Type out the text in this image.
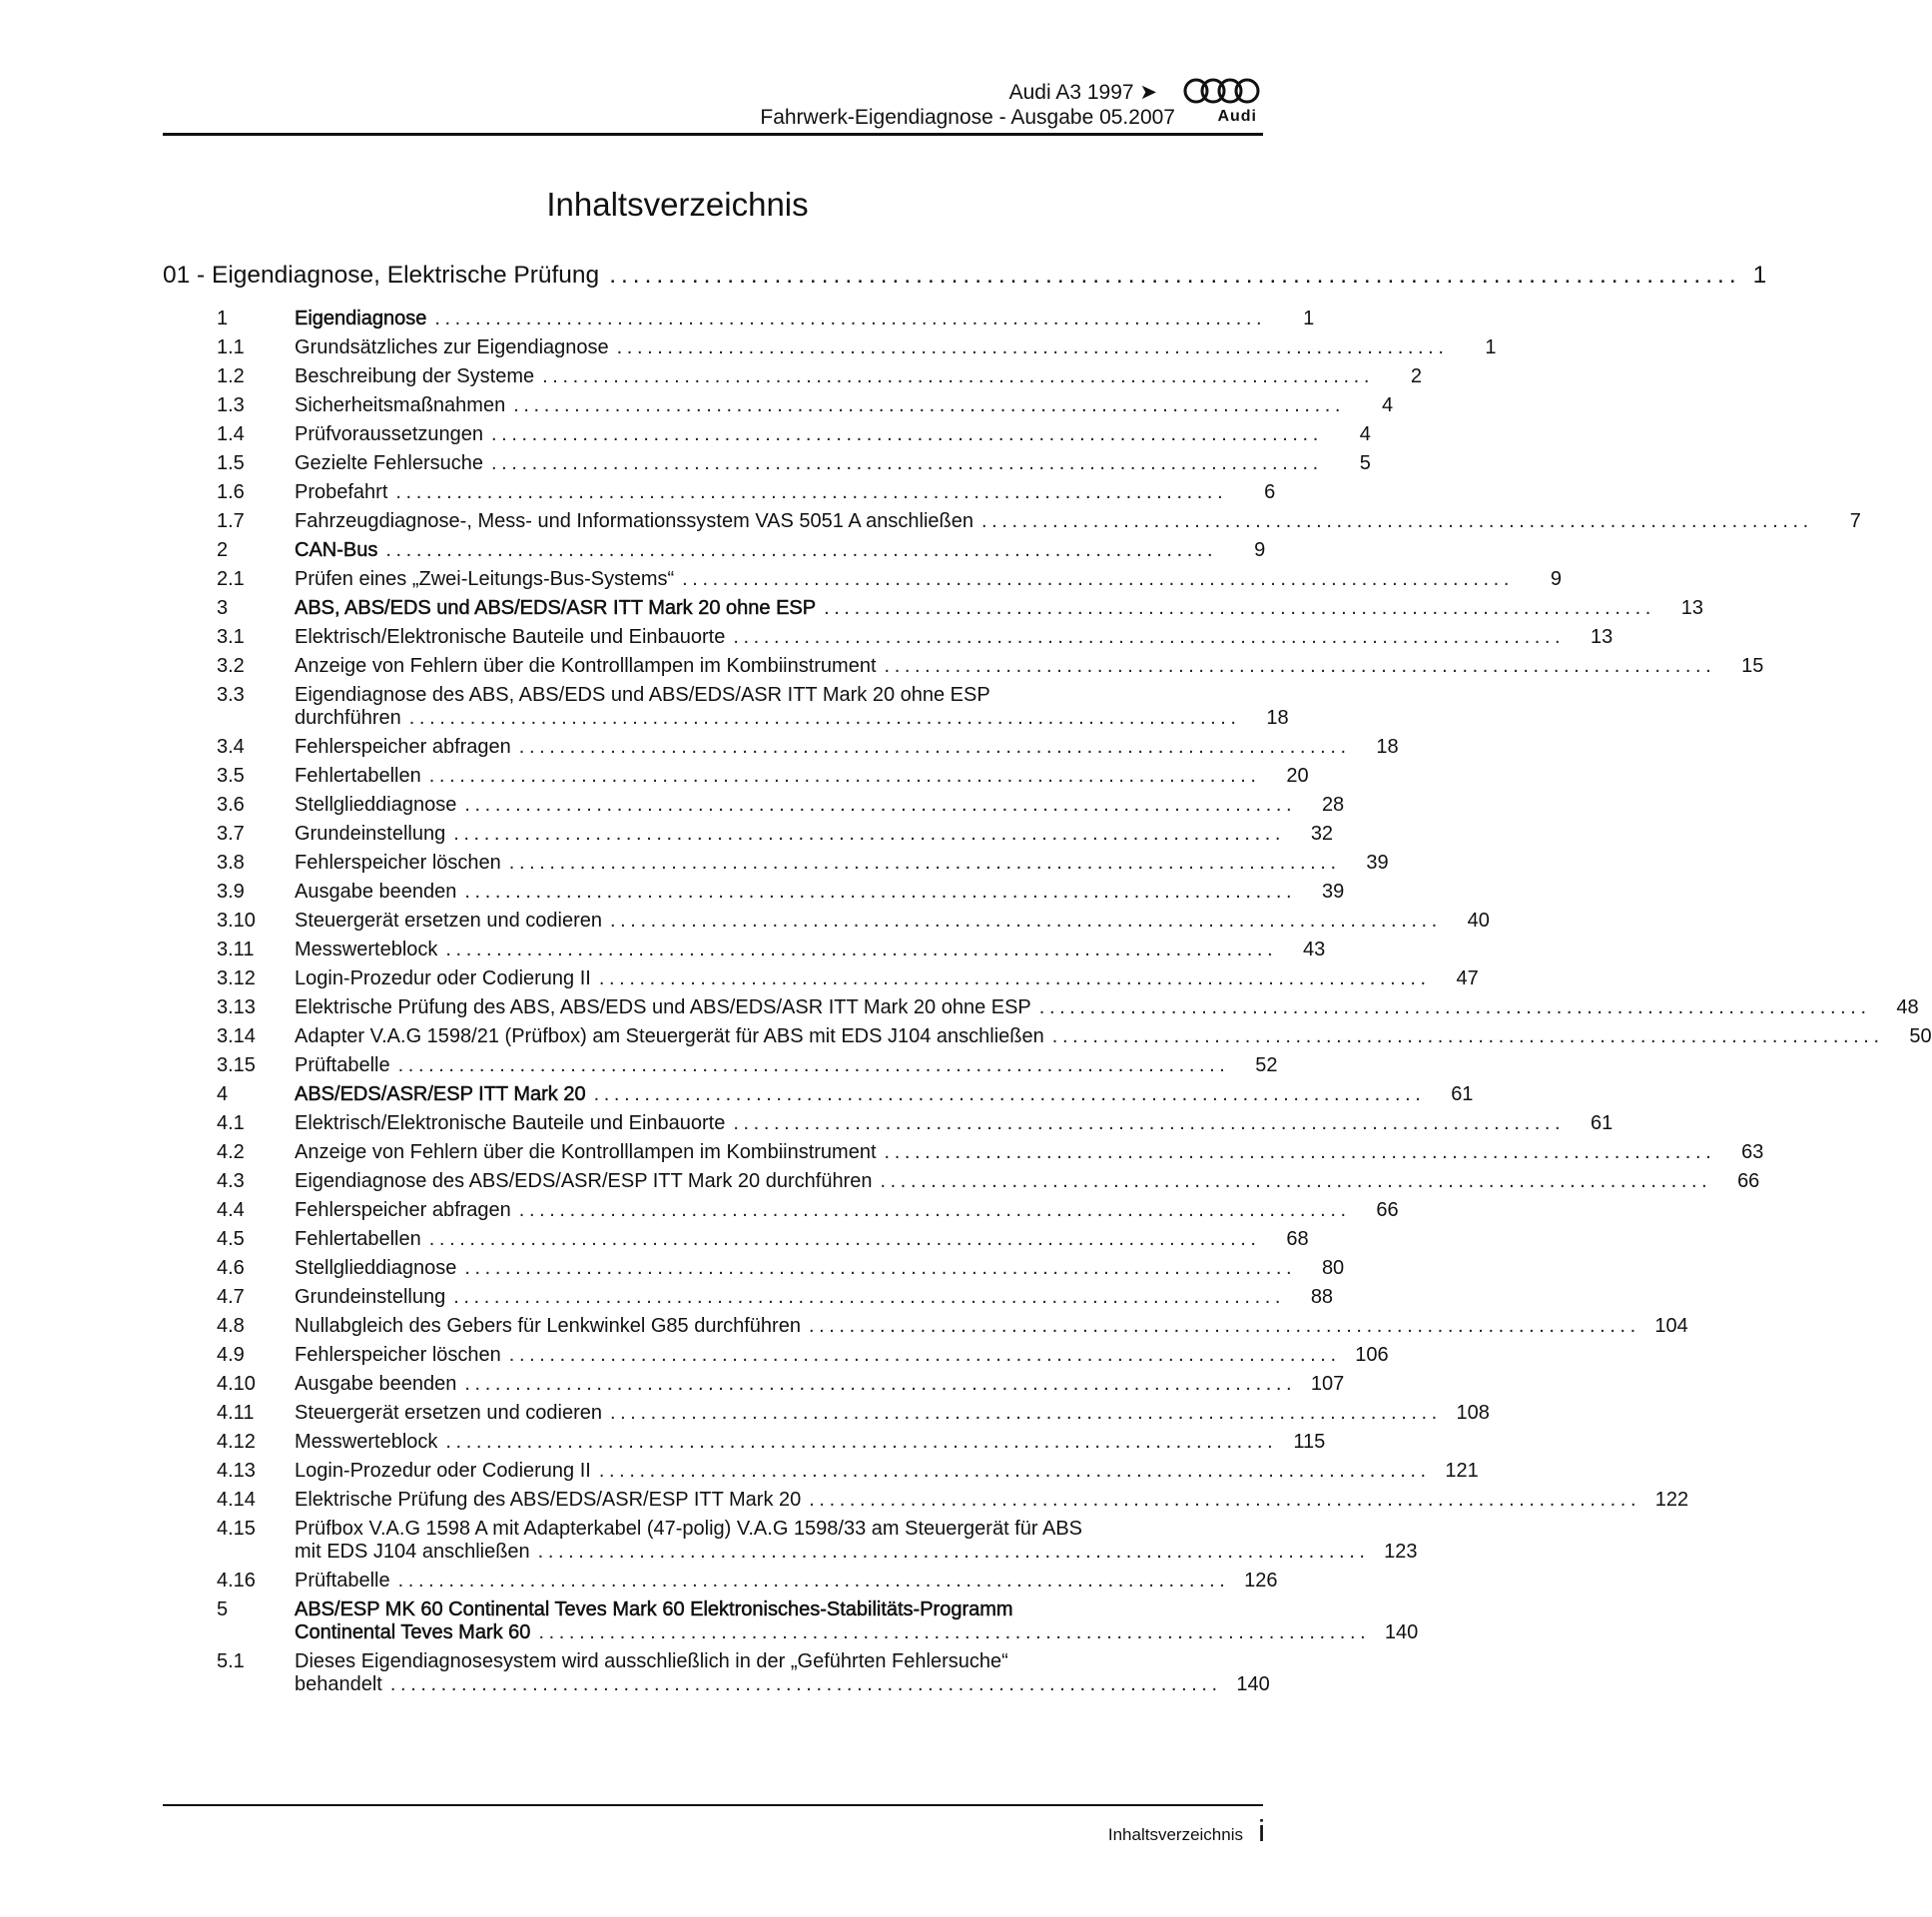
Audi A3 1997 ➤
Fahrwerk-Eigendiagnose - Ausgabe 05.2007	Audi
Inhaltsverzeichnis
01 - Eigendiagnose, Elektrische Prüfung ................................................................................................ 1
1	Eigendiagnose ..................................................................................	1
1.1	Grundsätzliches zur Eigendiagnose ..................................................................................	1
1.2	Beschreibung der Systeme ..................................................................................	2
1.3	Sicherheitsmaßnahmen ..................................................................................	4
1.4	Prüfvoraussetzungen ..................................................................................	4
1.5	Gezielte Fehlersuche ..................................................................................	5
1.6	Probefahrt ..................................................................................	6
1.7	Fahrzeugdiagnose-, Mess- und Informationssystem VAS 5051 A anschließen ..................................................................................	7
2	CAN-Bus ..................................................................................	9
2.1	Prüfen eines „Zwei-Leitungs-Bus-Systems“ ..................................................................................	9
3	ABS, ABS/EDS und ABS/EDS/ASR ITT Mark 20 ohne ESP ..................................................................................	13
3.1	Elektrisch/Elektronische Bauteile und Einbauorte ..................................................................................	13
3.2	Anzeige von Fehlern über die Kontrolllampen im Kombiinstrument ..................................................................................	15
3.3	Eigendiagnose des ABS, ABS/EDS und ABS/EDS/ASR ITT Mark 20 ohne ESP
durchführen ..................................................................................	18
3.4	Fehlerspeicher abfragen ..................................................................................	18
3.5	Fehlertabellen ..................................................................................	20
3.6	Stellglieddiagnose ..................................................................................	28
3.7	Grundeinstellung ..................................................................................	32
3.8	Fehlerspeicher löschen ..................................................................................	39
3.9	Ausgabe beenden ..................................................................................	39
3.10	Steuergerät ersetzen und codieren ..................................................................................	40
3.11	Messwerteblock ..................................................................................	43
3.12	Login-Prozedur oder Codierung II ..................................................................................	47
3.13	Elektrische Prüfung des ABS, ABS/EDS und ABS/EDS/ASR ITT Mark 20 ohne ESP ..................................................................................	48
3.14	Adapter V.A.G 1598/21 (Prüfbox) am Steuergerät für ABS mit EDS J104 anschließen ..................................................................................	50
3.15	Prüftabelle ..................................................................................	52
4	ABS/EDS/ASR/ESP ITT Mark 20 ..................................................................................	61
4.1	Elektrisch/Elektronische Bauteile und Einbauorte ..................................................................................	61
4.2	Anzeige von Fehlern über die Kontrolllampen im Kombiinstrument ..................................................................................	63
4.3	Eigendiagnose des ABS/EDS/ASR/ESP ITT Mark 20 durchführen ..................................................................................	66
4.4	Fehlerspeicher abfragen ..................................................................................	66
4.5	Fehlertabellen ..................................................................................	68
4.6	Stellglieddiagnose ..................................................................................	80
4.7	Grundeinstellung ..................................................................................	88
4.8	Nullabgleich des Gebers für Lenkwinkel G85 durchführen .................................................................................. 104
4.9	Fehlerspeicher löschen .................................................................................. 106
4.10	Ausgabe beenden .................................................................................. 107
4.11	Steuergerät ersetzen und codieren .................................................................................. 108
4.12	Messwerteblock .................................................................................. 115
4.13	Login-Prozedur oder Codierung II .................................................................................. 121
4.14	Elektrische Prüfung des ABS/EDS/ASR/ESP ITT Mark 20 .................................................................................. 122
4.15	Prüfbox V.A.G 1598 A mit Adapterkabel (47-polig) V.A.G 1598/33 am Steuergerät für ABS
mit EDS J104 anschließen .................................................................................. 123
4.16	Prüftabelle .................................................................................. 126
5	ABS/ESP MK 60 Continental Teves Mark 60 Elektronisches-Stabilitäts-Programm
Continental Teves Mark 60 .................................................................................. 140
5.1	Dieses Eigendiagnosesystem wird ausschließlich in der „Geführten Fehlersuche“
behandelt .................................................................................. 140
Inhaltsverzeichnis i
